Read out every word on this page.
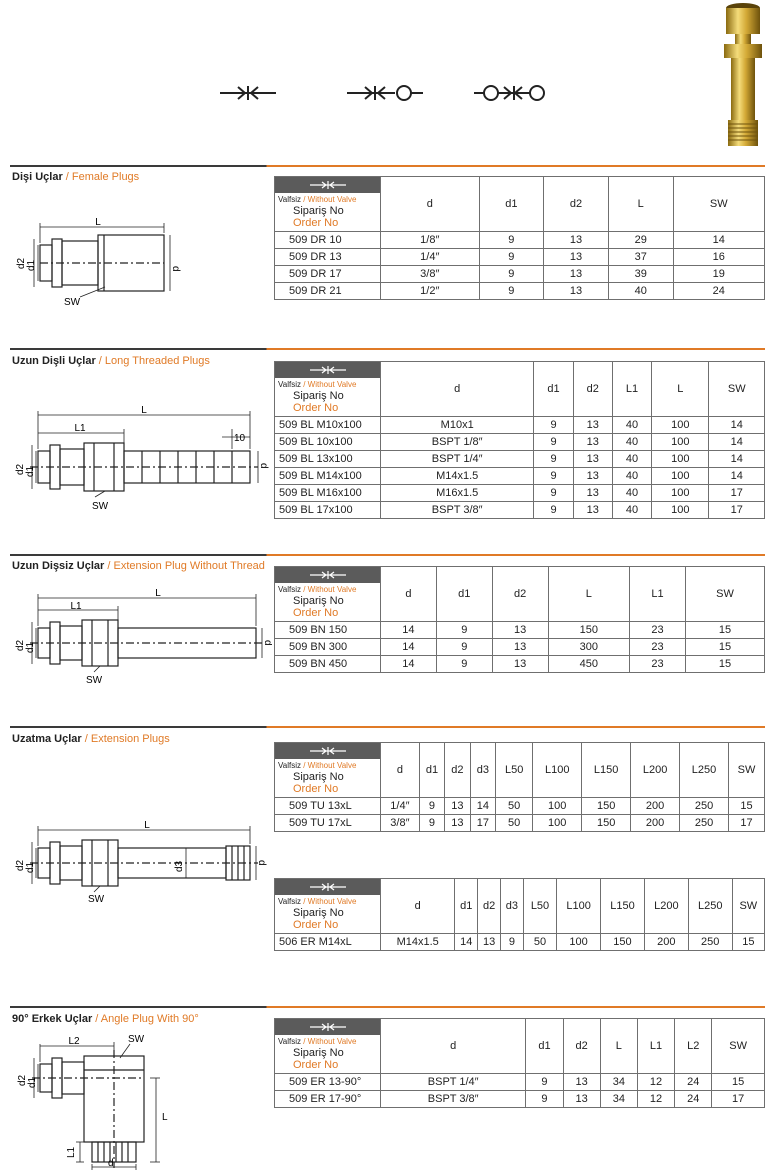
Dişi Uçlar / Female Plugs
L
d2 d1	d
SW
Valfsiz / Without Valve
Sipariş No
Order No	d	d1	d2	L	SW
509 DR 10	1/8″	9	13	29	14
509 DR 13	1/4″	9	13	37	16
509 DR 17	3/8″	9	13	39	19
509 DR 21	1/2″	9	13	40	24
Uzun Dişli Uçlar / Long Threaded Plugs
L
L1
10
d2 d1
d
SW
Valfsiz / Without Valve
Sipariş No
Order No	d	d1	d2	L1	L	SW
509 BL M10x100	M10x1	9	13	40	100	14
509 BL 10x100	BSPT 1/8″	9	13	40	100	14
509 BL 13x100	BSPT 1/4″	9	13	40	100	14
509 BL M14x100	M14x1.5	9	13	40	100	14
509 BL M16x100	M16x1.5	9	13	40	100	17
509 BL 17x100	BSPT 3/8″	9	13	40	100	17
Uzun Dişsiz Uçlar / Extension Plug Without Thread
L
L1
d2 d1	d
SW
Valfsiz / Without Valve
Sipariş No
Order No	d	d1	d2	L	L1	SW
509 BN 150	14	9	13	150	23	15
509 BN 300	14	9	13	300	23	15
509 BN 450	14	9	13	450	23	15
Uzatma Uçlar / Extension Plugs
L
d2 d1	d3	d
SW
Valfsiz / Without Valve
Sipariş No
Order No	d	d1	d2	d3	L50	L100	L150	L200	L250	SW
509 TU 13xL	1/4″	9	13	14	50	100	150	200	250	15
509 TU 17xL	3/8″	9	13	17	50	100	150	200	250	17
Valfsiz / Without Valve
Sipariş No
Order No	d	d1	d2	d3	L50	L100	L150	L200	L250	SW
506 ER M14xL	M14x1.5	14	13	9	50	100	150	200	250	15
90° Erkek Uçlar / Angle Plug With 90°
L2	SW
d2 d1
L
L1
d
Valfsiz / Without Valve
Sipariş No
Order No	d	d1	d2	L	L1	L2	SW
509 ER 13-90°	BSPT 1/4″	9	13	34	12	24	15
509 ER 17-90°	BSPT 3/8″	9	13	34	12	24	17
